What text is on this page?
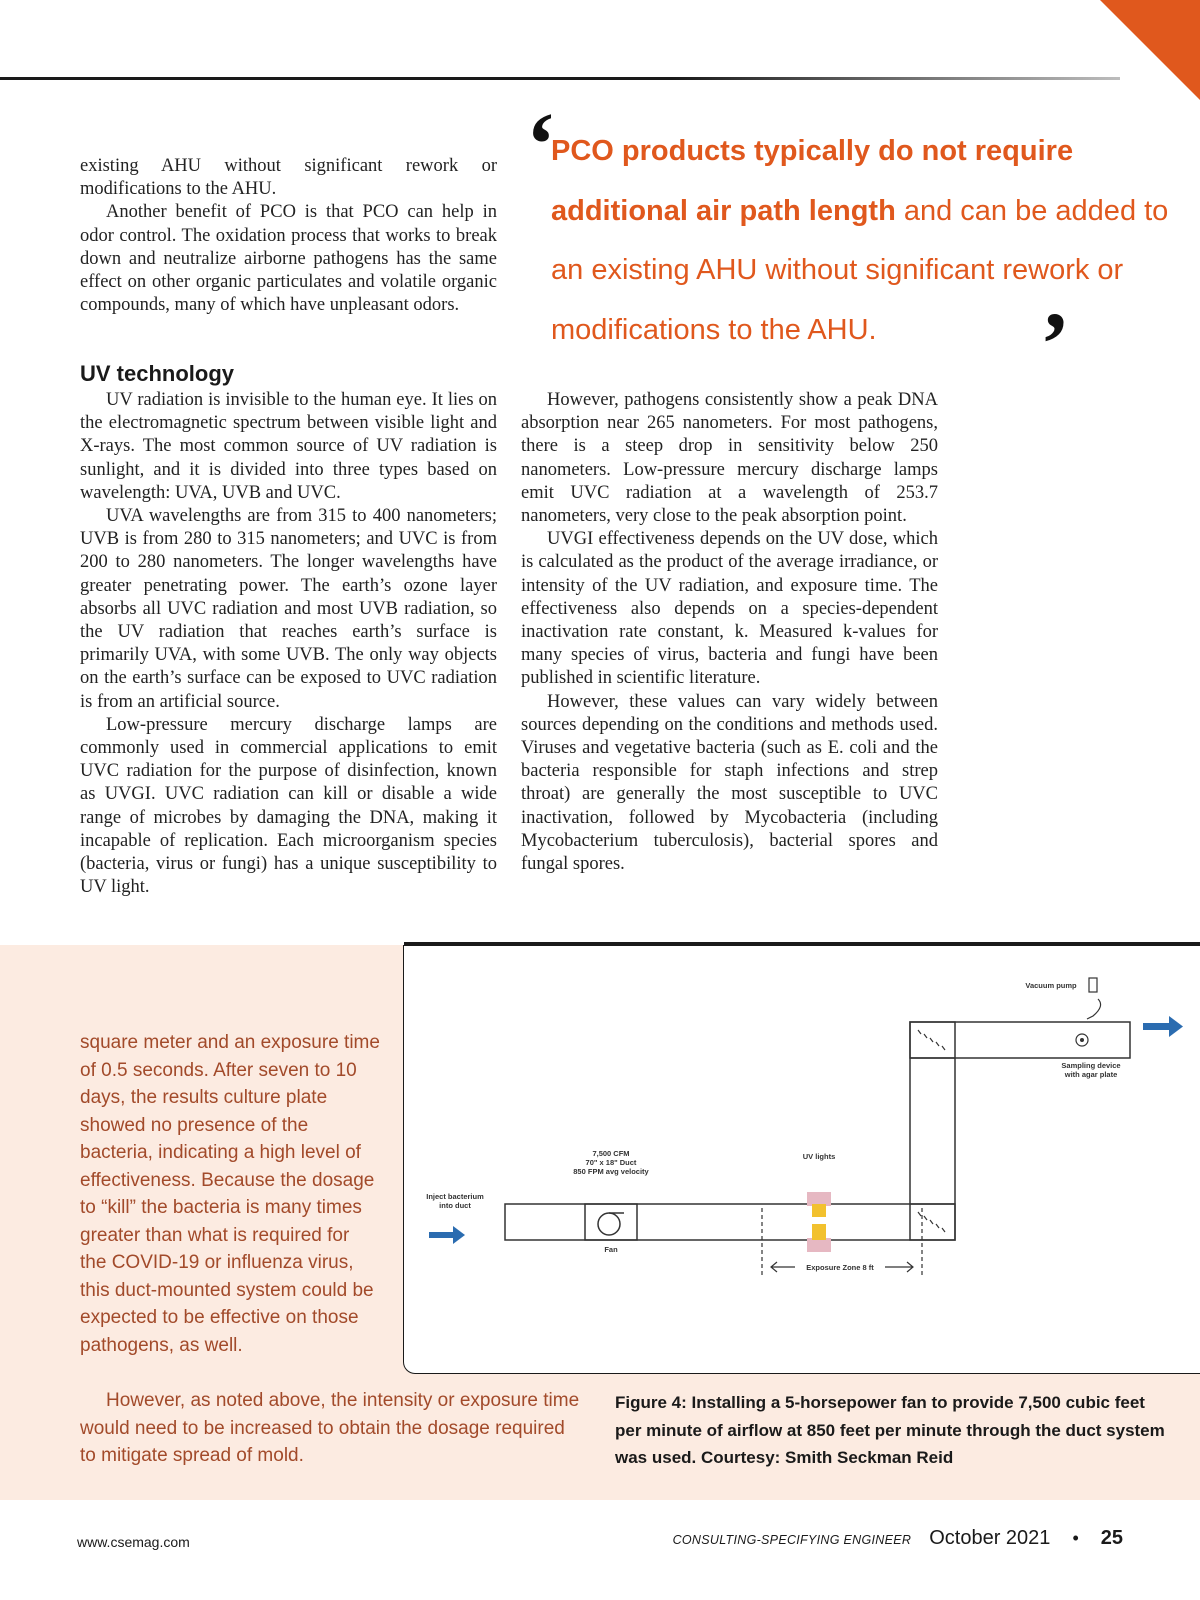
existing AHU without significant rework or modifications to the AHU.

Another benefit of PCO is that PCO can help in odor control. The oxidation process that works to break down and neutralize airborne pathogens has the same effect on other organic particulates and volatile organic compounds, many of which have unpleasant odors.

UV technology

UV radiation is invisible to the human eye. It lies on the electromagnetic spectrum between visible light and X-rays. The most common source of UV radiation is sunlight, and it is divided into three types based on wavelength: UVA, UVB and UVC.

UVA wavelengths are from 315 to 400 nanometers; UVB is from 280 to 315 nanometers; and UVC is from 200 to 280 nanometers. The longer wavelengths have greater penetrating power. The earth’s ozone layer absorbs all UVC radiation and most UVB radiation, so the UV radiation that reaches earth’s surface is primarily UVA, with some UVB. The only way objects on the earth’s surface can be exposed to UVC radiation is from an artificial source.

Low-pressure mercury discharge lamps are commonly used in commercial applications to emit UVC radiation for the purpose of disinfection, known as UVGI. UVC radiation can kill or disable a wide range of microbes by damaging the DNA, making it incapable of replication. Each microorganism species (bacteria, virus or fungi) has a unique susceptibility to UV light.

‘
PCO products typically do not require additional air path length and can be added to an existing AHU without significant rework or modifications to the AHU.	’

However, pathogens consistently show a peak DNA absorption near 265 nanometers. For most pathogens, there is a steep drop in sensitivity below 250 nanometers. Low-pressure mercury discharge lamps emit UVC radiation at a wavelength of 253.7 nanometers, very close to the peak absorption point.

UVGI effectiveness depends on the UV dose, which is calculated as the product of the average irradiance, or intensity of the UV radiation, and exposure time. The effectiveness also depends on a species-dependent inactivation rate constant, k. Measured k-values for many species of virus, bacteria and fungi have been published in scientific literature.

However, these values can vary widely between sources depending on the conditions and methods used. Viruses and vegetative bacteria (such as E. coli and the bacteria responsible for staph infections and strep throat) are generally the most susceptible to UVC inactivation, followed by Mycobacteria (including Mycobacterium tuberculosis), bacterial spores and fungal spores.

square meter and an exposure time of 0.5 seconds. After seven to 10 days, the results culture plate showed no presence of the bacteria, indicating a high level of effectiveness. Because the dosage to “kill” the bacteria is many times greater than what is required for the COVID-19 or influenza virus, this duct-mounted system could be expected to be effective on those pathogens, as well.

However, as noted above, the intensity or exposure time would need to be increased to obtain the dosage required to mitigate spread of mold.

Inject bacterium
into duct
Fan
7,500 CFM
70" x 18" Duct
850 FPM avg velocity
UV lights
Exposure Zone 8 ft
Vacuum pump
Sampling device
with agar plate
Figure 4: Installing a 5-horsepower fan to provide 7,500 cubic feet per minute of airflow at 850 feet per minute through the duct system was used. Courtesy: Smith Seckman Reid
www.csemag.com	CONSULTING-SPECIFYING ENGINEER October 2021 • 25
